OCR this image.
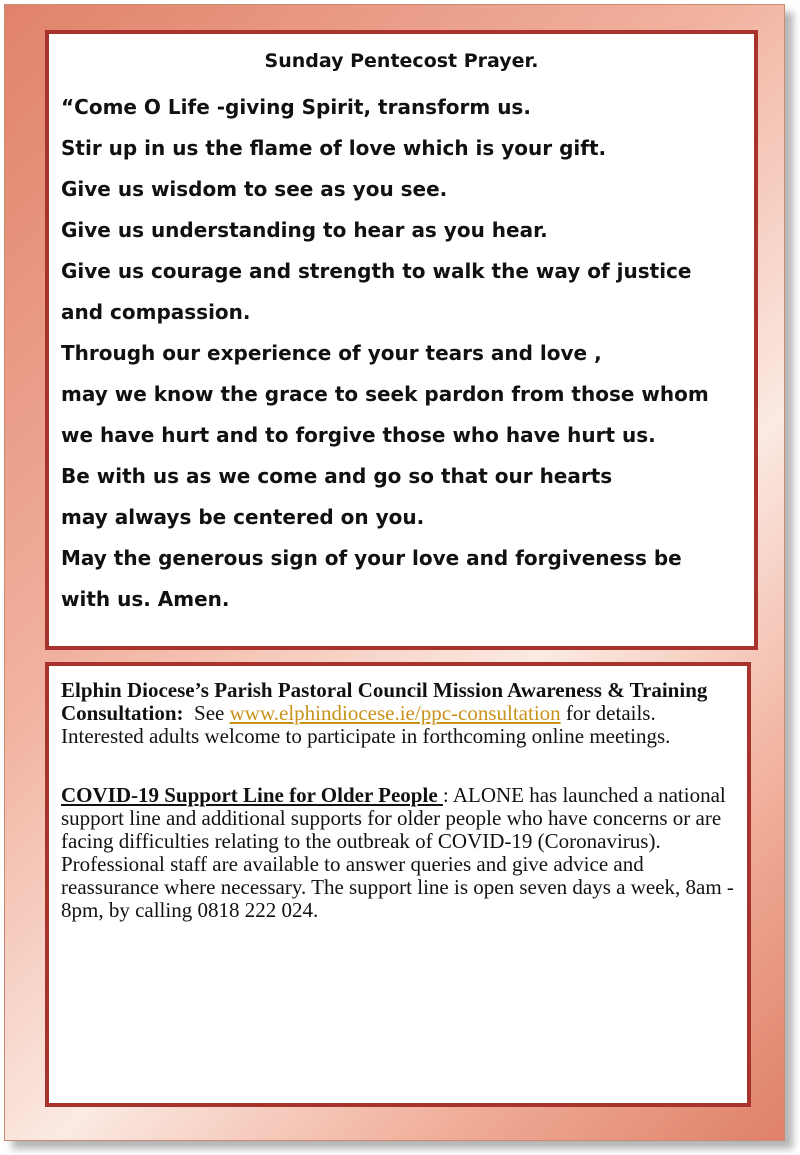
Sunday Pentecost Prayer.
“Come O Life -giving Spirit, transform us.
Stir up in us the flame of love which is your gift.
Give us wisdom to see as you see.
Give us understanding to hear as you hear.
Give us courage and strength to walk the way of justice
and compassion.
Through our experience of your tears and love ,
may we know the grace to seek pardon from those whom
we have hurt and to forgive those who have hurt us.
Be with us as we come and go so that our hearts
may always be centered on you.
May the generous sign of your love and forgiveness be
with us. Amen.

Elphin Diocese’s Parish Pastoral Council Mission Awareness & Training Consultation: See www.elphindiocese.ie/ppc-consultation for details. Interested adults welcome to participate in forthcoming online meetings.

COVID-19 Support Line for Older People : ALONE has launched a national support line and additional supports for older people who have concerns or are facing difficulties relating to the outbreak of COVID-19 (Coronavirus). Professional staff are available to answer queries and give advice and reassurance where necessary. The support line is open seven days a week, 8am - 8pm, by calling 0818 222 024.
